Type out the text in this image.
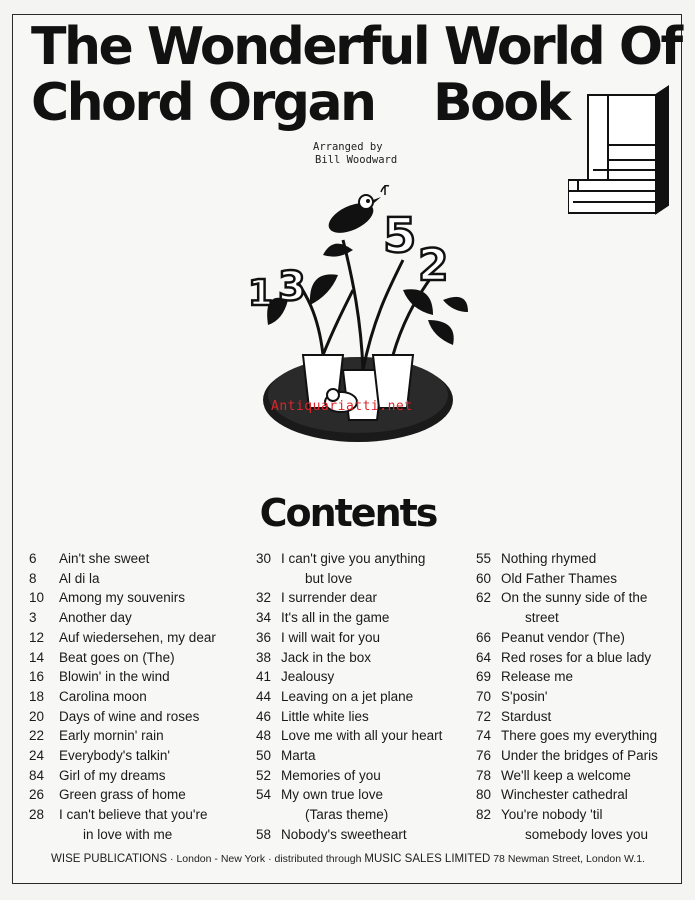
The Wonderful World Of
Chord Organ	Book
Arranged by
Bill Woodward
5
2
3
1
Antiquariatti.net
Contents
6	Ain't she sweet
8	Al di la
10	Among my souvenirs
3	Another day
12	Auf wiedersehen, my dear
14	Beat goes on (The)
16	Blowin' in the wind
18	Carolina moon
20	Days of wine and roses
22	Early mornin' rain
24	Everybody's talkin'
84	Girl of my dreams
26	Green grass of home
28	I can't believe that you're
in love with me
30 I can't give you anything
but love
32 I surrender dear
34 It's all in the game
36 I will wait for you
38 Jack in the box
41 Jealousy
44 Leaving on a jet plane
46 Little white lies
48 Love me with all your heart
50 Marta
52 Memories of you
54 My own true love
(Taras theme)
58 Nobody's sweetheart
55 Nothing rhymed
60 Old Father Thames
62 On the sunny side of the
street
66 Peanut vendor (The)
64 Red roses for a blue lady
69 Release me
70 S'posin'
72 Stardust
74 There goes my everything
76 Under the bridges of Paris
78 We'll keep a welcome
80 Winchester cathedral
82 You're nobody 'til
somebody loves you
WISE PUBLICATIONS · London - New York · distributed through MUSIC SALES LIMITED 78 Newman Street, London W.1.
